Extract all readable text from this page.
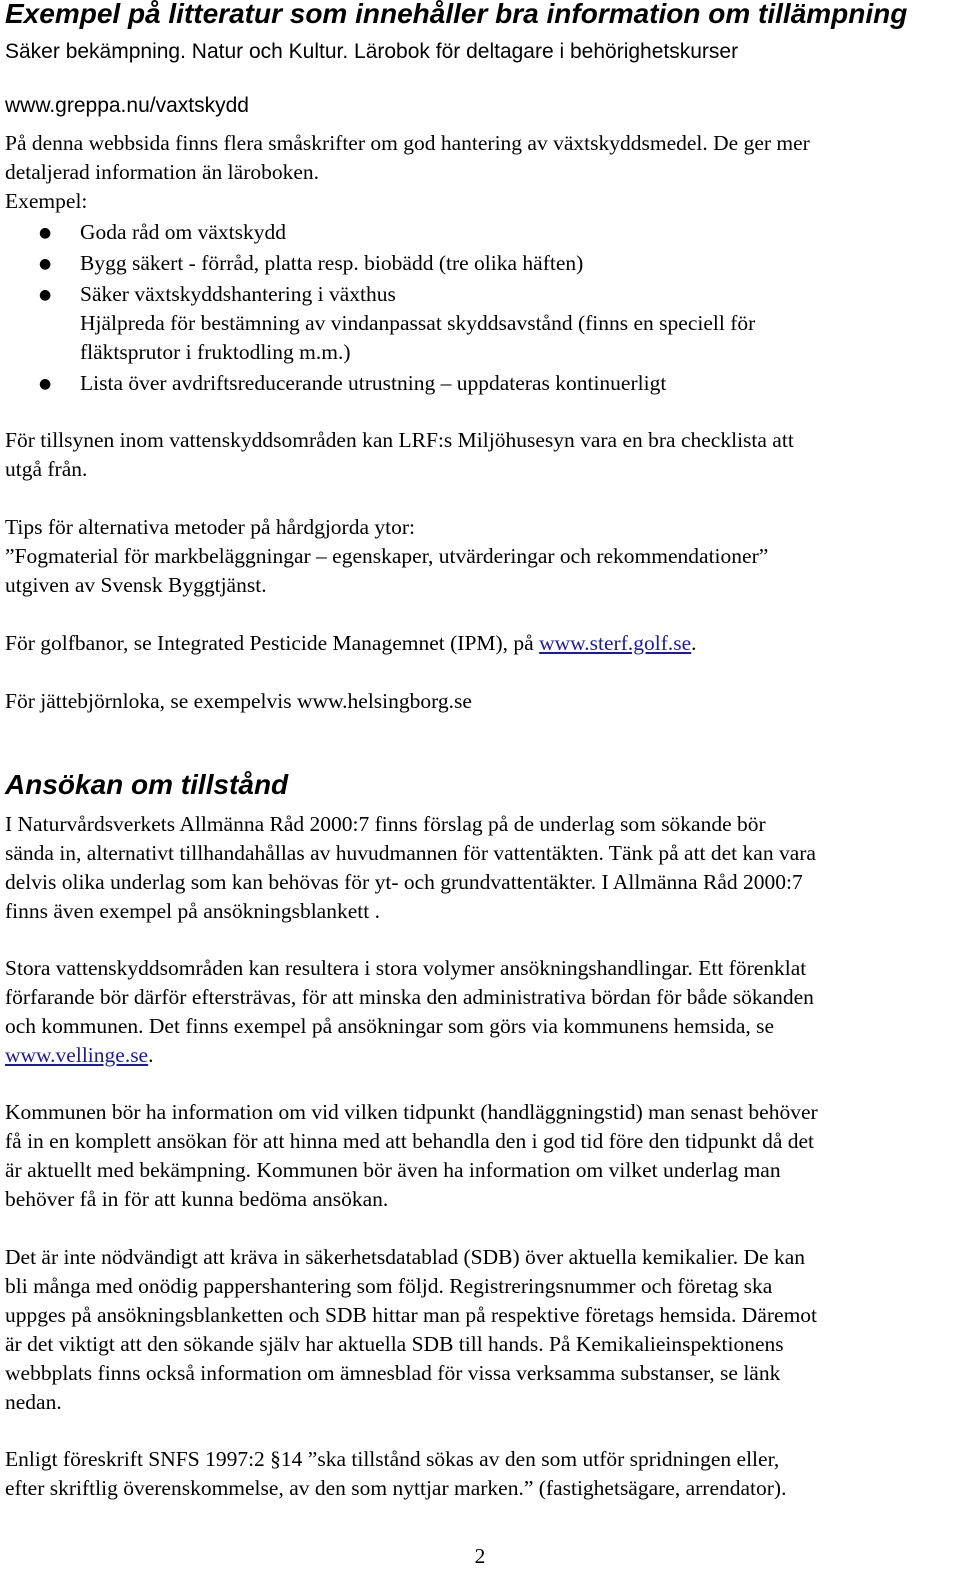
Exempel på litteratur som innehåller bra information om tillämpning
Säker bekämpning. Natur och Kultur. Lärobok för deltagare i behörighetskurser
www.greppa.nu/vaxtskydd
På denna webbsida finns flera småskrifter om god hantering av växtskyddsmedel. De ger mer
detaljerad information än läroboken.
Exempel:
● Goda råd om växtskydd
● Bygg säkert - förråd, platta resp. biobädd (tre olika häften)
● Säker växtskyddshantering i växthus
Hjälpreda för bestämning av vindanpassat skyddsavstånd (finns en speciell för
fläktsprutor i fruktodling m.m.)
● Lista över avdriftsreducerande utrustning – uppdateras kontinuerligt
För tillsynen inom vattenskyddsområden kan LRF:s Miljöhusesyn vara en bra checklista att
utgå från.
Tips för alternativa metoder på hårdgjorda ytor:
”Fogmaterial för markbeläggningar – egenskaper, utvärderingar och rekommendationer”
utgiven av Svensk Byggtjänst.
För golfbanor, se Integrated Pesticide Managemnet (IPM), på www.sterf.golf.se.
För jättebjörnloka, se exempelvis www.helsingborg.se
Ansökan om tillstånd
I Naturvårdsverkets Allmänna Råd 2000:7 finns förslag på de underlag som sökande bör
sända in, alternativt tillhandahållas av huvudmannen för vattentäkten. Tänk på att det kan vara
delvis olika underlag som kan behövas för yt- och grundvattentäkter. I Allmänna Råd 2000:7
finns även exempel på ansökningsblankett .
Stora vattenskyddsområden kan resultera i stora volymer ansökningshandlingar. Ett förenklat
förfarande bör därför eftersträvas, för att minska den administrativa bördan för både sökanden
och kommunen. Det finns exempel på ansökningar som görs via kommunens hemsida, se
www.vellinge.se.
Kommunen bör ha information om vid vilken tidpunkt (handläggningstid) man senast behöver
få in en komplett ansökan för att hinna med att behandla den i god tid före den tidpunkt då det
är aktuellt med bekämpning. Kommunen bör även ha information om vilket underlag man
behöver få in för att kunna bedöma ansökan.
Det är inte nödvändigt att kräva in säkerhetsdatablad (SDB) över aktuella kemikalier. De kan
bli många med onödig pappershantering som följd. Registreringsnummer och företag ska
uppges på ansökningsblanketten och SDB hittar man på respektive företags hemsida. Däremot
är det viktigt att den sökande själv har aktuella SDB till hands. På Kemikalieinspektionens
webbplats finns också information om ämnesblad för vissa verksamma substanser, se länk
nedan.
Enligt föreskrift SNFS 1997:2 §14 ”ska tillstånd sökas av den som utför spridningen eller,
efter skriftlig överenskommelse, av den som nyttjar marken.” (fastighetsägare, arrendator).
2
